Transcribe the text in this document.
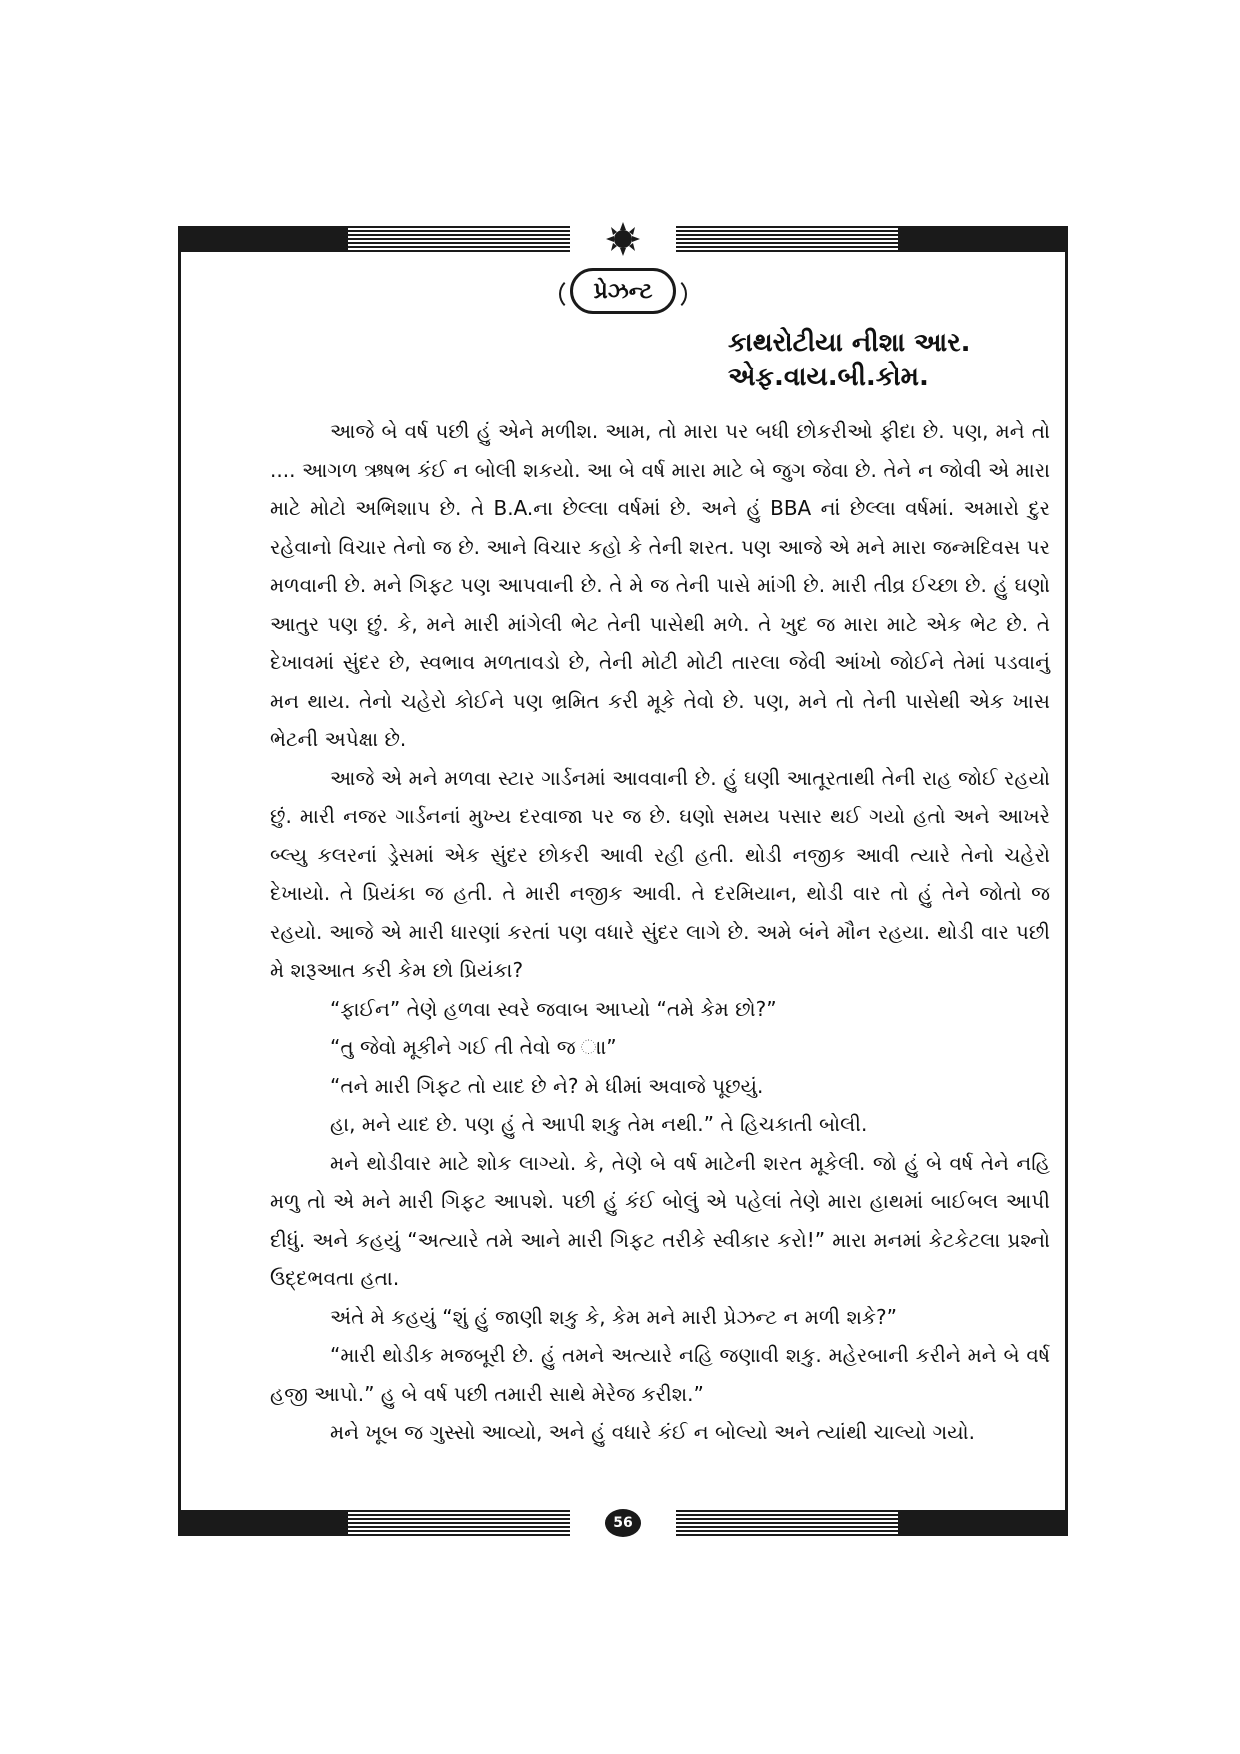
પ્રેઝન્ટ
કાથરોટીયા નીશા આર.
એફ.વાય.બી.કોમ.

આજે બે વર્ષ પછી હું એને મળીશ. આમ, તો મારા પર બધી છોકરીઓ ફીદા છે. પણ, મને તો .... આગળ ઋષભ કંઈ ન બોલી શકયો. આ બે વર્ષ મારા માટે બે જુગ જેવા છે. તેને ન જોવી એ મારા માટે મોટો અભિશાપ છે. તે B.A.ના છેલ્લા વર્ષમાં છે. અને હું BBA નાં છેલ્લા વર્ષમાં. અમારો દુર રહેવાનો વિચાર તેનો જ છે. આને વિચાર કહો કે તેની શરત. પણ આજે એ મને મારા જન્મદિવસ પર મળવાની છે. મને ગિફટ પણ આપવાની છે. તે મે જ તેની પાસે માંગી છે. મારી તીવ્ર ઈચ્છા છે. હું ઘણો આતુર પણ છું. કે, મને મારી માંગેલી ભેટ તેની પાસેથી મળે. તે ખુદ જ મારા માટે એક ભેટ છે. તે દેખાવમાં સુંદર છે, સ્વભાવ મળતાવડો છે, તેની મોટી મોટી તારલા જેવી આંખો જોઈને તેમાં પડવાનું મન થાય. તેનો ચહેરો કોઈને પણ ભ્રમિત કરી મૂકે તેવો છે. પણ, મને તો તેની પાસેથી એક ખાસ ભેટની અપેક્ષા છે.

આજે એ મને મળવા સ્ટાર ગાર્ડનમાં આવવાની છે. હું ઘણી આતૂરતાથી તેની રાહ જોઈ રહયો છું. મારી નજર ગાર્ડનનાં મુખ્ય દરવાજા પર જ છે. ઘણો સમય પસાર થઈ ગયો હતો અને આખરે બ્લ્યુ કલરનાં ડ્રેસમાં એક સુંદર છોકરી આવી રહી હતી. થોડી નજીક આવી ત્યારે તેનો ચહેરો દેખાયો. તે પ્રિયંકા જ હતી. તે મારી નજીક આવી. તે દરમિયાન, થોડી વાર તો હું તેને જોતો જ રહયો. આજે એ મારી ધારણાં કરતાં પણ વધારે સુંદર લાગે છે. અમે બંને મૌન રહયા. થોડી વાર પછી મે શરૂઆત કરી કેમ છો પ્રિયંકા?

“ફાઈન” તેણે હળવા સ્વરે જવાબ આપ્યો “તમે કેમ છો?”

“તુ જેવો મૂકીને ગઈ તી તેવો જ ાા”

“તને મારી ગિફટ તો યાદ છે ને? મે ધીમાં અવાજે પૂછયું.

હા, મને યાદ છે. પણ હું તે આપી શકુ તેમ નથી.” તે હિચકાતી બોલી.

મને થોડીવાર માટે શોક લાગ્યો. કે, તેણે બે વર્ષ માટેની શરત મૂકેલી. જો હું બે વર્ષ તેને નહિ મળુ તો એ મને મારી ગિફટ આપશે. પછી હું કંઈ બોલું એ પહેલાં તેણે મારા હાથમાં બાઈબલ આપી દીધું. અને કહયું “અત્યારે તમે આને મારી ગિફટ તરીકે સ્વીકાર કરો!” મારા મનમાં કેટકેટલા પ્રશ્નો ઉદ્દભવતા હતા.

અંતે મે કહયું “શું હું જાણી શકુ કે, કેમ મને મારી પ્રેઝન્ટ ન મળી શકે?”

“મારી થોડીક મજબૂરી છે. હું તમને અત્યારે નહિ જણાવી શકુ. મહેરબાની કરીને મને બે વર્ષ હજી આપો.” હુ બે વર્ષ પછી તમારી સાથે મેરેજ કરીશ.”

મને ખૂબ જ ગુસ્સો આવ્યો, અને હું વધારે કંઈ ન બોલ્યો અને ત્યાંથી ચાલ્યો ગયો.

56
